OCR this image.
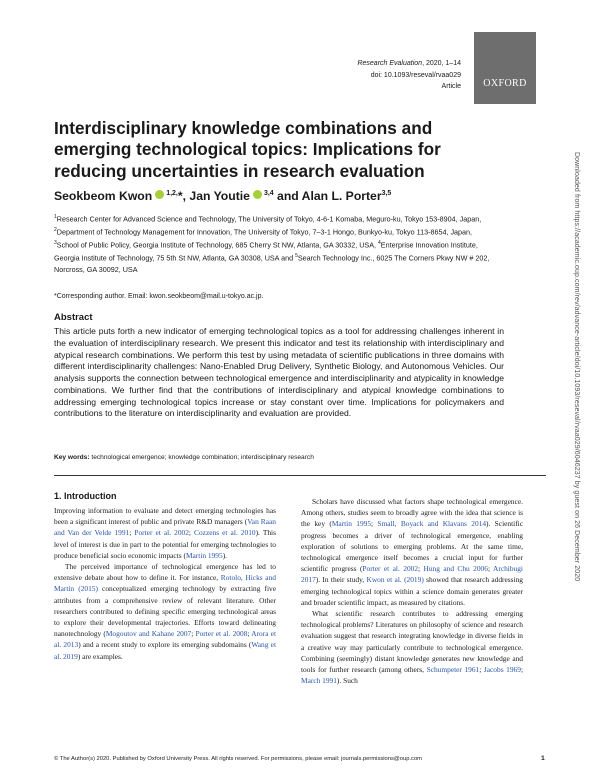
Research Evaluation, 2020, 1–14
doi: 10.1093/reseval/rvaa029
Article	OXFORD
Interdisciplinary knowledge combinations and emerging technological topics: Implications for reducing uncertainties in research evaluation
Seokbeom Kwon $^{1,2,}$*, Jan Youtie $^{3,4}$ and Alan L. Porter$^{3,5}$
$^1$Research Center for Advanced Science and Technology, The University of Tokyo, 4-6-1 Komaba, Meguro-ku, Tokyo 153-8904, Japan, $^2$Department of Technology Management for Innovation, The University of Tokyo, 7–3-1 Hongo, Bunkyo-ku, Tokyo 113-8654, Japan, $^3$School of Public Policy, Georgia Institute of Technology, 685 Cherry St NW, Atlanta, GA 30332, USA, $^4$Enterprise Innovation Institute, Georgia Institute of Technology, 75 5th St NW, Atlanta, GA 30308, USA and $^5$Search Technology Inc., 6025 The Corners Pkwy NW # 202, Norcross, GA 30092, USA
*Corresponding author. Email: kwon.seokbeom@mail.u-tokyo.ac.jp.
Abstract
This article puts forth a new indicator of emerging technological topics as a tool for addressing challenges inherent in the evaluation of interdisciplinary research. We present this indicator and test its relationship with interdisciplinary and atypical research combinations. We perform this test by using metadata of scientific publications in three domains with different interdisciplinarity challenges: Nano-Enabled Drug Delivery, Synthetic Biology, and Autonomous Vehicles. Our analysis supports the connection between technological emergence and interdisciplinarity and atypicality in knowledge combinations. We further find that the contributions of interdisciplinary and atypical knowledge combinations to addressing emerging technological topics increase or stay constant over time. Implications for policymakers and contributions to the literature on interdisciplinarity and evaluation are provided.
Key words: technological emergence; knowledge combination; interdisciplinary research
1. Introduction

Improving information to evaluate and detect emerging technologies has been a significant interest of public and private R&D managers (Van Raan and Van der Velde 1991; Porter et al. 2002; Cozzens et al. 2010). This level of interest is due in part to the potential for emerging technologies to produce beneficial socio economic impacts (Martin 1995).

The perceived importance of technological emergence has led to extensive debate about how to define it. For instance, Rotolo, Hicks and Martin (2015) conceptualized emerging technology by extracting five attributes from a comprehensive review of relevant literature. Other researchers contributed to defining specific emerging technological areas to explore their developmental trajectories. Efforts toward delineating nanotechnology (Mogoutov and Kahane 2007; Porter et al. 2008; Arora et al. 2013) and a recent study to explore its emerging subdomains (Wang et al. 2019) are examples.

Scholars have discussed what factors shape technological emergence. Among others, studies seem to broadly agree with the idea that science is the key (Martin 1995; Small, Boyack and Klavans 2014). Scientific progress becomes a driver of technological emergence, enabling exploration of solutions to emerging problems. At the same time, technological emergence itself becomes a crucial input for further scientific progress (Porter et al. 2002; Hung and Chu 2006; Archibugi 2017). In their study, Kwon et al. (2019) showed that research addressing emerging technological topics within a science domain generates greater and broader scientific impact, as measured by citations.

What scientific research contributes to addressing emerging technological problems? Literatures on philosophy of science and research evaluation suggest that research integrating knowledge in diverse fields in a creative way may particularly contribute to technological emergence. Combining (seemingly) distant knowledge generates new knowledge and tools for further research (among others, Schumpeter 1961; Jacobs 1969; March 1991). Such

© The Author(s) 2020. Published by Oxford University Press. All rights reserved. For permissions, please email: journals.permissions@oup.com	1
Downloaded from https://academic.oup.com/rev/advance-article/doi/10.1093/reseval/rvaa029/6046237 by guest on 26 December 2020
